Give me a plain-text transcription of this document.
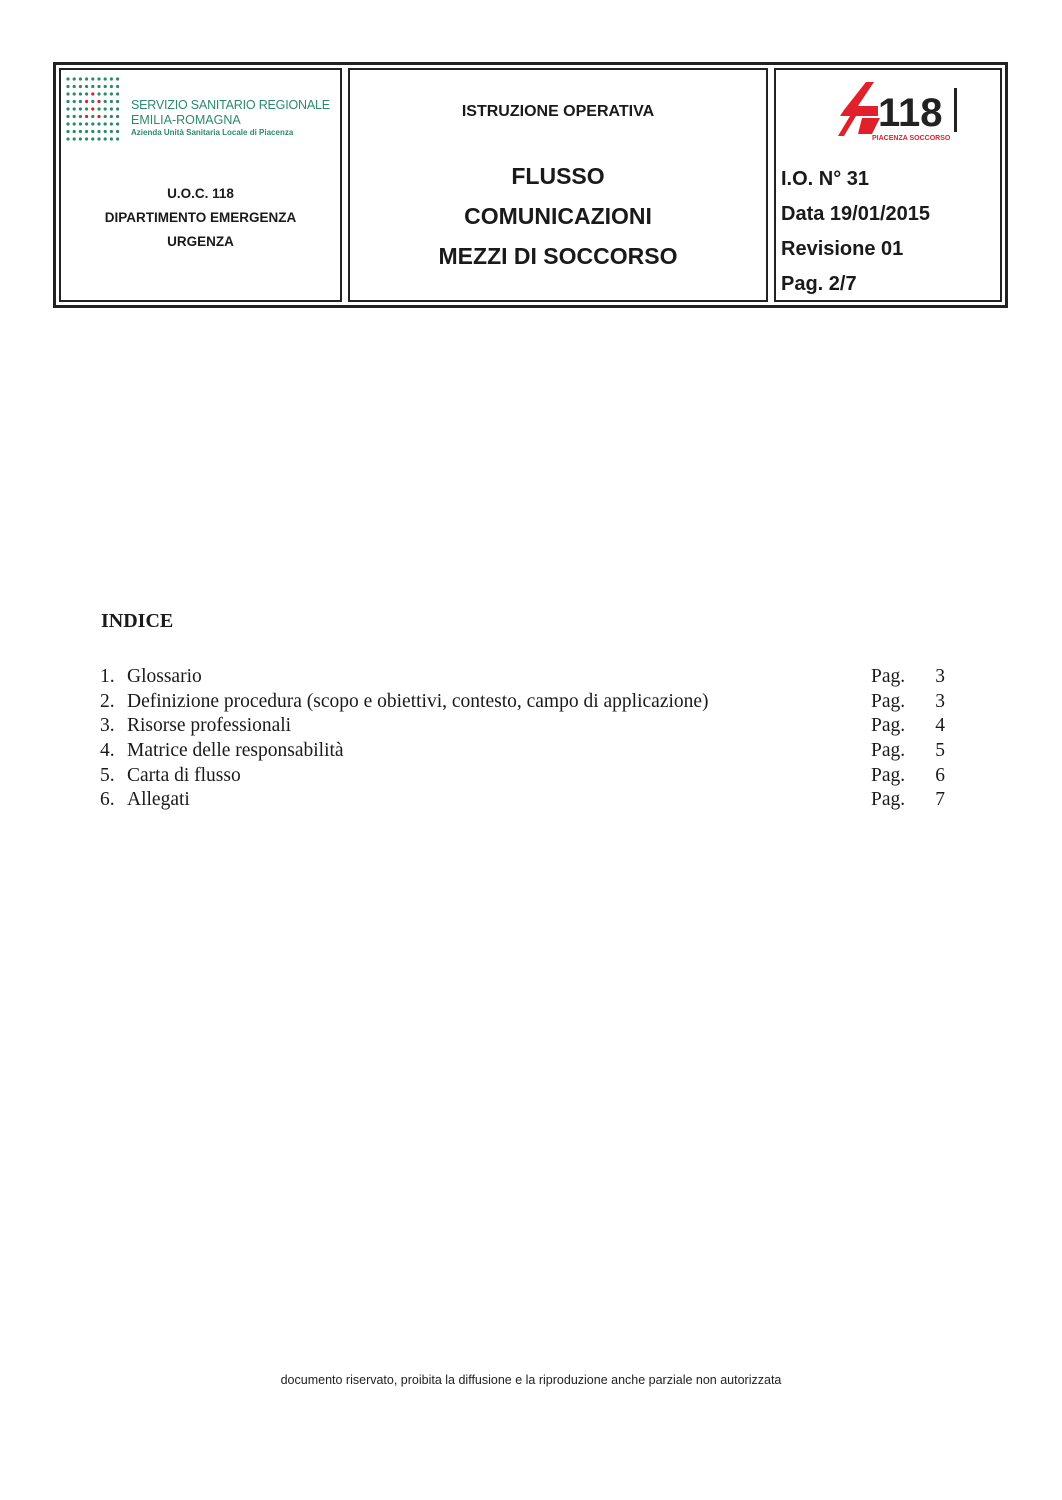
SERVIZIO SANITARIO REGIONALE
EMILIA-ROMAGNA
Azienda Unità Sanitaria Locale di Piacenza
U.O.C. 118
DIPARTIMENTO EMERGENZA
URGENZA
ISTRUZIONE OPERATIVA
FLUSSO
COMUNICAZIONI
MEZZI DI SOCCORSO
118
PIACENZA SOCCORSO
I.O. N° 31
Data 19/01/2015
Revisione 01
Pag. 2/7
INDICE
1. Glossario	Pag.	3
2. Definizione procedura (scopo e obiettivi, contesto, campo di applicazione)	Pag.	3
3. Risorse professionali	Pag.	4
4. Matrice delle responsabilità	Pag.	5
5. Carta di flusso	Pag.	6
6. Allegati	Pag.	7
documento riservato, proibita la diffusione e la riproduzione anche parziale non autorizzata
